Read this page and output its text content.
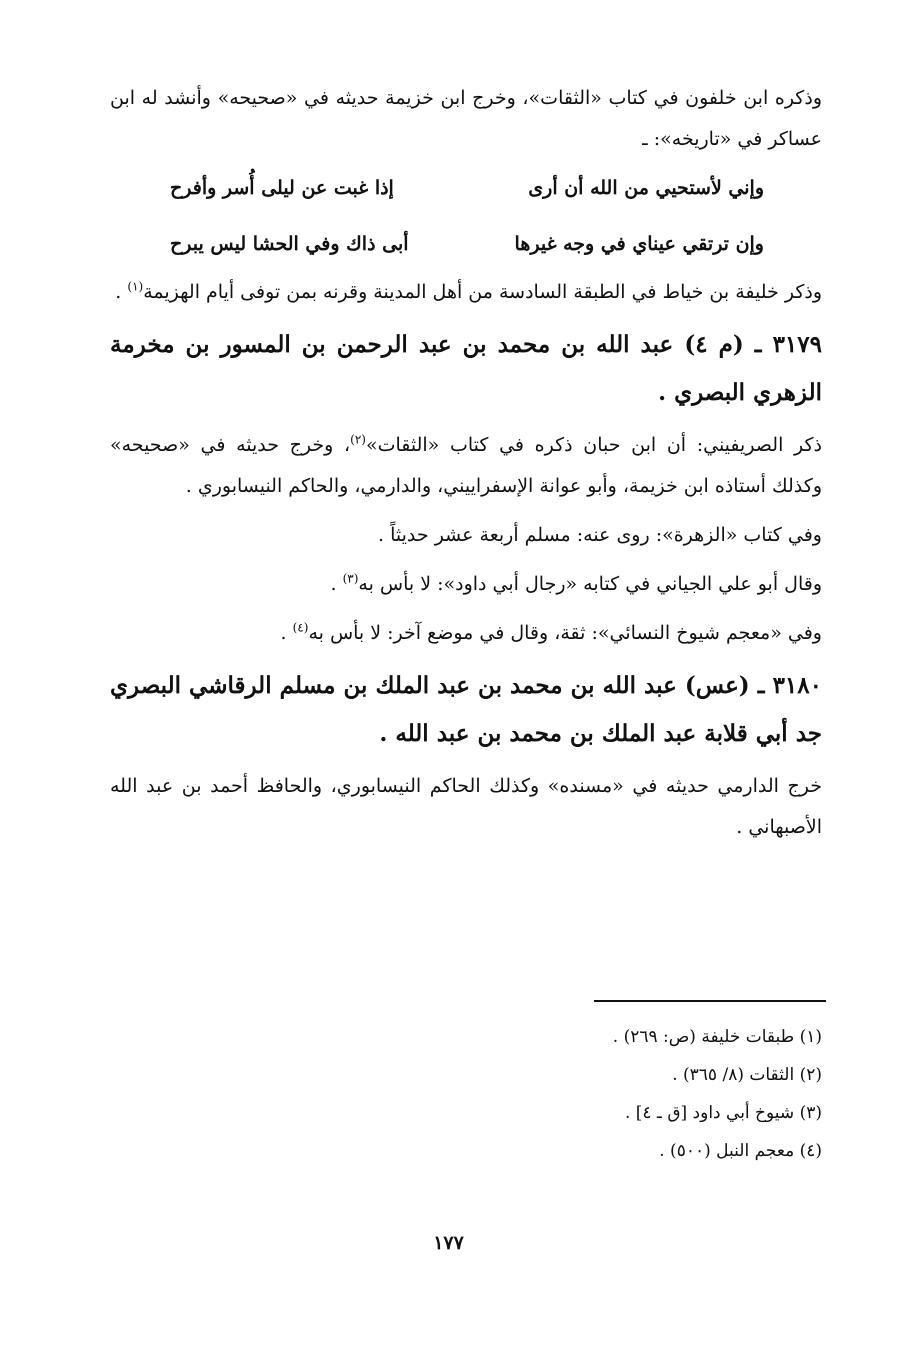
وذكره ابن خلفون في كتاب «الثقات»، وخرج ابن خزيمة حديثه في «صحيحه» وأنشد له ابن عساكر في «تاريخه»: ـ

وإني لأستحيي من الله أن أرى
إذا غبت عن ليلى أُسر وأفرح
وإن ترتقي عيناي في وجه غيرها
أبى ذاك وفي الحشا ليس يبرح

وذكر خليفة بن خياط في الطبقة السادسة من أهل المدينة وقرنه بمن توفى أيام الهزيمة$^{(١)}$ .

٣١٧٩ ـ (م ٤) عبد الله بن محمد بن عبد الرحمن بن المسور بن مخرمة الزهري البصري .

ذكر الصريفيني: أن ابن حبان ذكره في كتاب «الثقات»$^{(٢)}$، وخرج حديثه في «صحيحه» وكذلك أستاذه ابن خزيمة، وأبو عوانة الإسفراييني، والدارمي، والحاكم النيسابوري .

وفي كتاب «الزهرة»: روى عنه: مسلم أربعة عشر حديثاً .

وقال أبو علي الجياني في كتابه «رجال أبي داود»: لا بأس به$^{(٣)}$ .

وفي «معجم شيوخ النسائي»: ثقة، وقال في موضع آخر: لا بأس به$^{(٤)}$ .

٣١٨٠ ـ (عس) عبد الله بن محمد بن عبد الملك بن مسلم الرقاشي البصري جد أبي قلابة عبد الملك بن محمد بن عبد الله .

خرج الدارمي حديثه في «مسنده» وكذلك الحاكم النيسابوري، والحافظ أحمد بن عبد الله الأصبهاني .

(١) طبقات خليفة (ص: ٢٦٩) .

(٢) الثقات (٨/ ٣٦٥) .

(٣) شيوخ أبي داود [ق ـ ٤] .

(٤) معجم النبل (٥٠٠) .

١٧٧
